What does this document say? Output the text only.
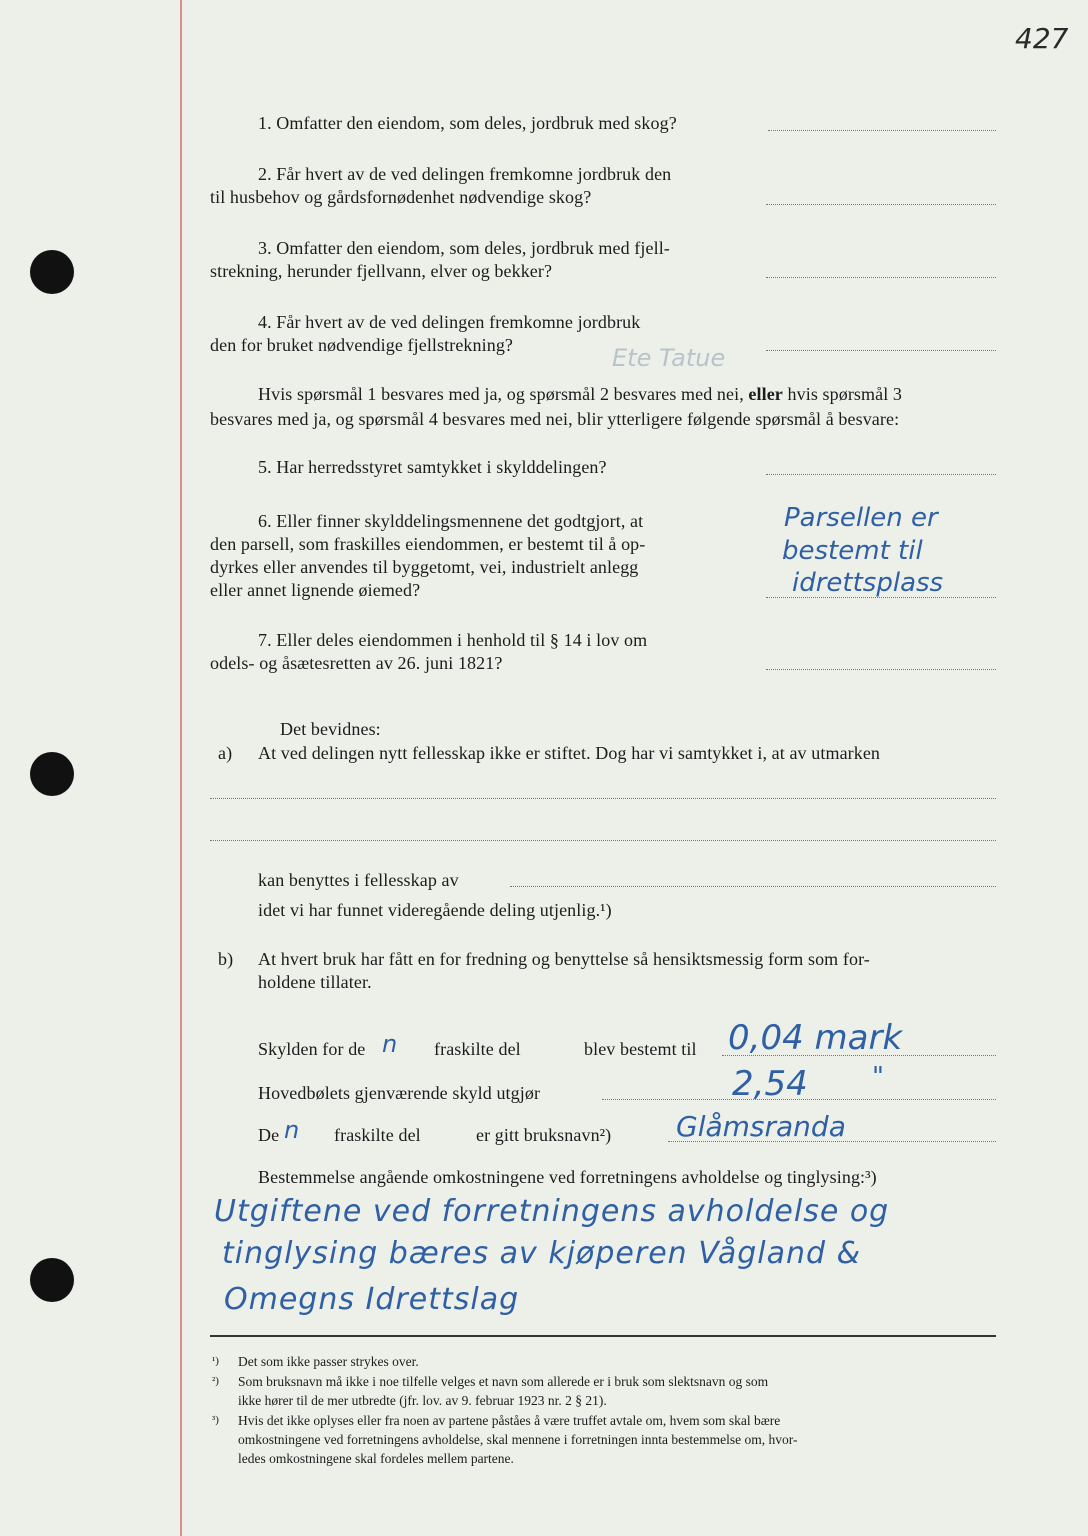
427
1. Omfatter den eiendom, som deles, jordbruk med skog?
2. Får hvert av de ved delingen fremkomne jordbruk den
til husbehov og gårdsfornødenhet nødvendige skog?
3. Omfatter den eiendom, som deles, jordbruk med fjell-
strekning, herunder fjellvann, elver og bekker?
4. Får hvert av de ved delingen fremkomne jordbruk
den for bruket nødvendige fjellstrekning?	Ete Tatue
Hvis spørsmål 1 besvares med ja, og spørsmål 2 besvares med nei, eller hvis spørsmål 3
besvares med ja, og spørsmål 4 besvares med nei, blir ytterligere følgende spørsmål å besvare:
5. Har herredsstyret samtykket i skylddelingen?
6. Eller finner skylddelingsmennene det godtgjort, at
den parsell, som fraskilles eiendommen, er bestemt til å op-
dyrkes eller anvendes til byggetomt, vei, industrielt anlegg
eller annet lignende øiemed?
Parsellen er
bestemt til
idrettsplass
7. Eller deles eiendommen i henhold til § 14 i lov om
odels- og åsætesretten av 26. juni 1821?
Det bevidnes:
a) At ved delingen nytt fellesskap ikke er stiftet. Dog har vi samtykket i, at av utmarken
kan benyttes i fellesskap av
idet vi har funnet videregående deling utjenlig.¹)
b) At hvert bruk har fått en for fredning og benyttelse så hensiktsmessig form som for-
holdene tillater.
Skylden for de n fraskilte del	blev bestemt til 0,04 mark
Hovedbølets gjenværende skyld utgjør	2,54 "
De n fraskilte del	er gitt bruksnavn²) Glåmsranda
Bestemmelse angående omkostningene ved forretningens avholdelse og tinglysing:³)
Utgiftene ved forretningens avholdelse og
tinglysing bæres av kjøperen Vågland &
Omegns Idrettslag
¹) Det som ikke passer strykes over.
²) Som bruksnavn må ikke i noe tilfelle velges et navn som allerede er i bruk som slektsnavn og som
ikke hører til de mer utbredte (jfr. lov. av 9. februar 1923 nr. 2 § 21).
³) Hvis det ikke oplyses eller fra noen av partene påståes å være truffet avtale om, hvem som skal bære
omkostningene ved forretningens avholdelse, skal mennene i forretningen innta bestemmelse om, hvor-
ledes omkostningene skal fordeles mellem partene.
